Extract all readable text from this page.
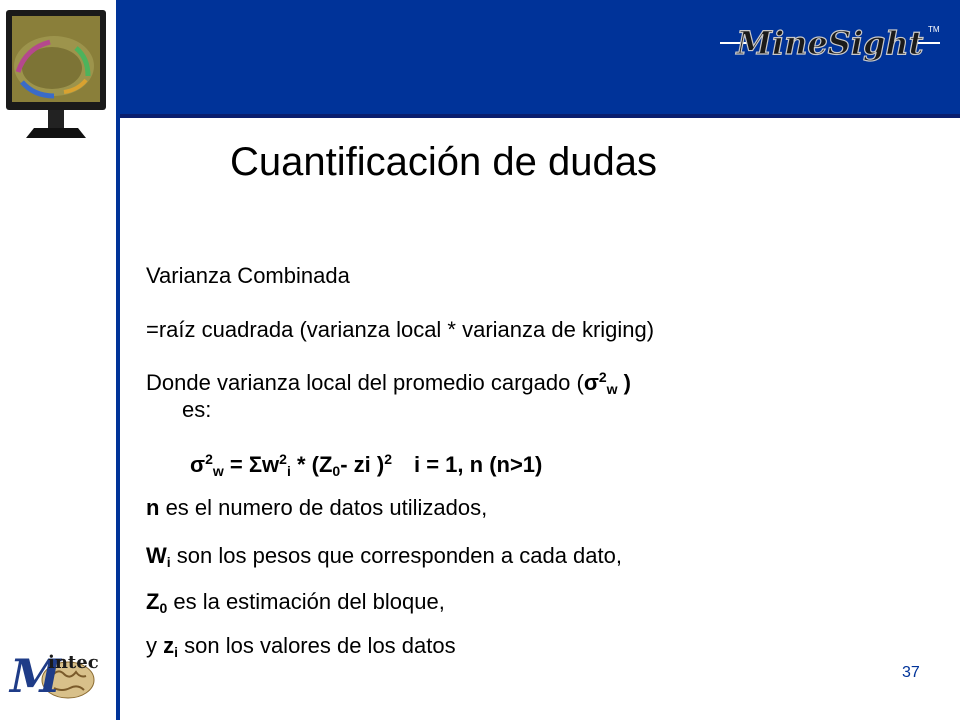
MineSight TM
M
intec
Cuantificación de dudas
Varianza Combinada
=raíz cuadrada (varianza local * varianza de kriging)
Donde varianza local del promedio cargado ($\sigma^2_w$ )
es:
$\sigma^2_w = \Sigma w^2_i * (Z_0-$ zi )$^2$ i = 1, n (n>1)
n es el numero de datos utilizados,
$W_i$ son los pesos que corresponden a cada dato,
$Z_0$ es la estimación del bloque,
y $z_i$ son los valores de los datos
37
